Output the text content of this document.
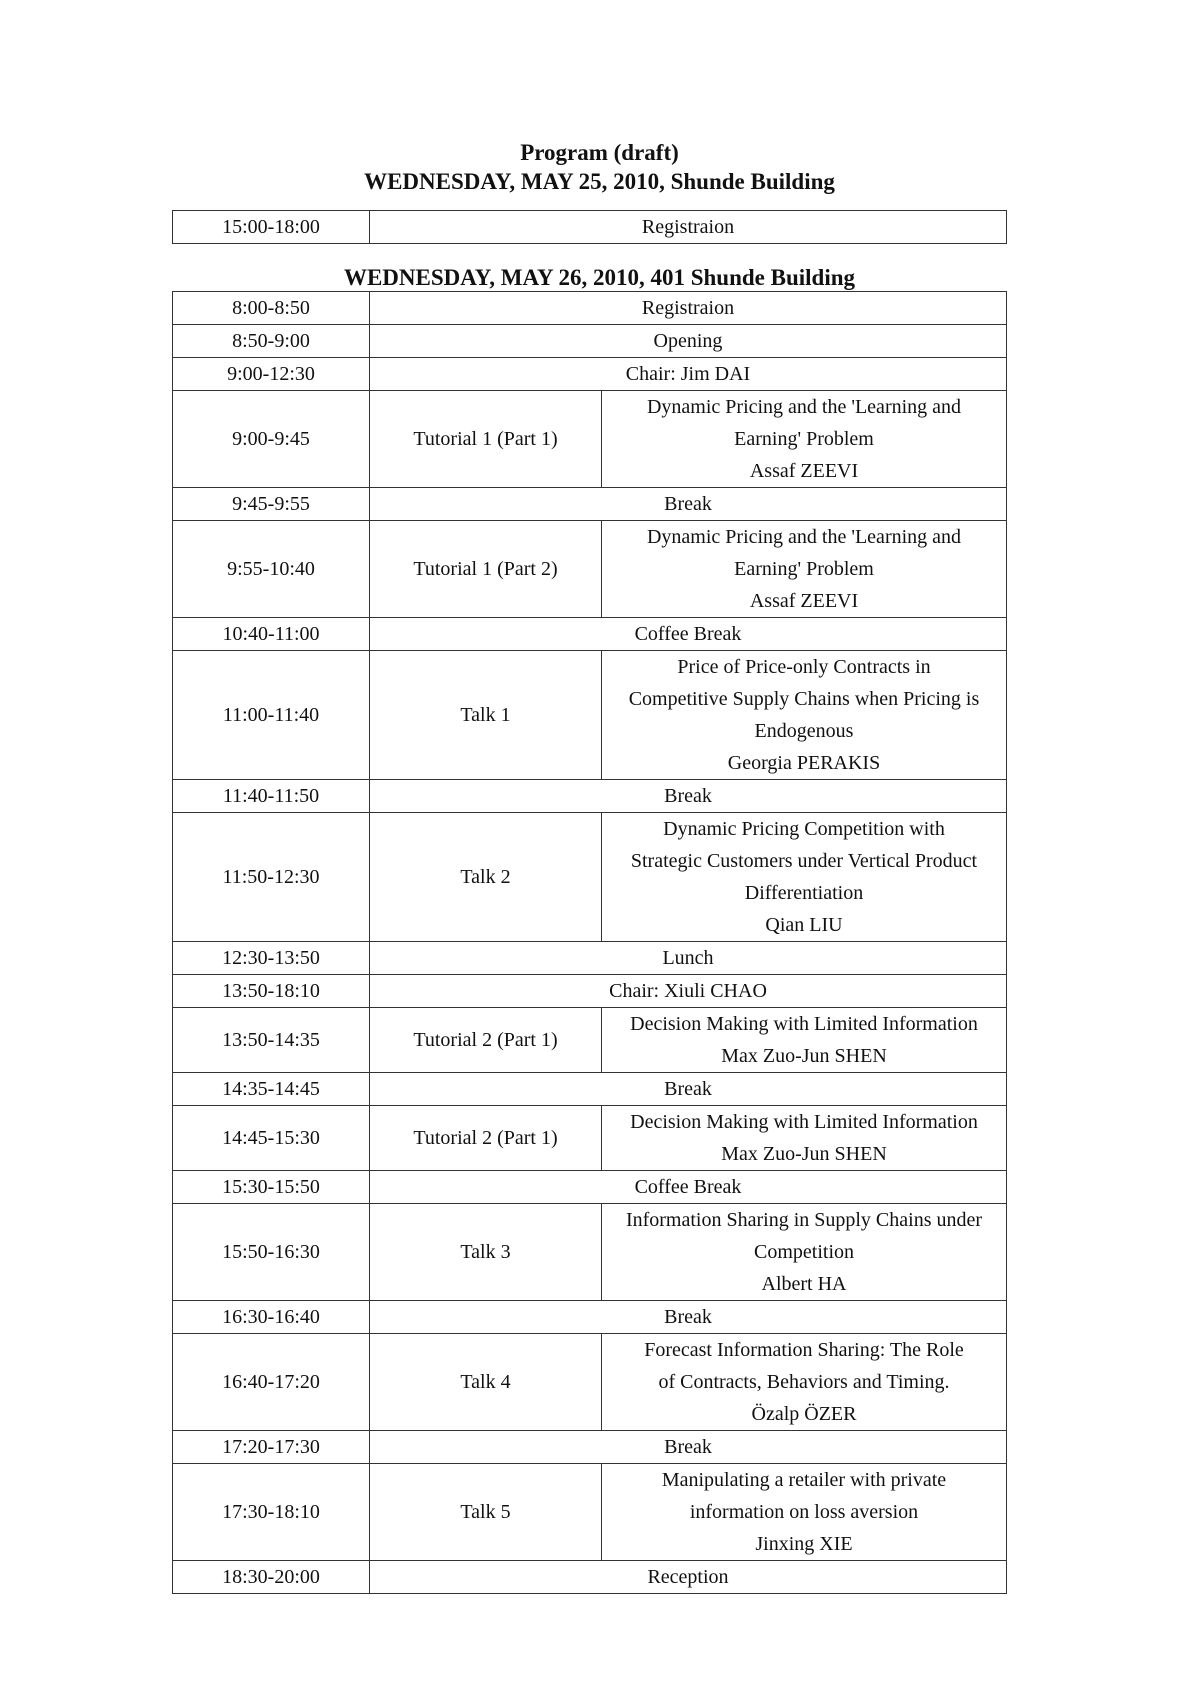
Program (draft)
WEDNESDAY, MAY 25, 2010, Shunde Building
15:00-18:00	Registraion
WEDNESDAY, MAY 26, 2010, 401 Shunde Building
8:00-8:50	Registraion	
8:50-9:00	Opening	
9:00-12:30	Chair: Jim DAI	
9:00-9:45	Tutorial 1 (Part 1)	Dynamic Pricing and the 'Learning and
Earning' Problem
Assaf ZEEVI

9:45-9:55	Break	
9:55-10:40	Tutorial 1 (Part 2)	Dynamic Pricing and the 'Learning and
Earning' Problem
Assaf ZEEVI

10:40-11:00	Coffee Break	
11:00-11:40	Talk 1	Price of Price-only Contracts in
Competitive Supply Chains when Pricing is
Endogenous
Georgia PERAKIS

11:40-11:50	Break	
11:50-12:30	Talk 2	Dynamic Pricing Competition with
Strategic Customers under Vertical Product
Differentiation
Qian LIU

12:30-13:50	Lunch	
13:50-18:10	Chair: Xiuli CHAO	
13:50-14:35	Tutorial 2 (Part 1)	Decision Making with Limited Information
Max Zuo-Jun SHEN

14:35-14:45	Break	
14:45-15:30	Tutorial 2 (Part 1)	Decision Making with Limited Information
Max Zuo-Jun SHEN

15:30-15:50	Coffee Break	
15:50-16:30	Talk 3	Information Sharing in Supply Chains under
Competition
Albert HA

16:30-16:40	Break	
16:40-17:20	Talk 4	Forecast Information Sharing: The Role
of Contracts, Behaviors and Timing.
Özalp ÖZER

17:20-17:30	Break	
17:30-18:10	Talk 5	Manipulating a retailer with private
information on loss aversion
Jinxing XIE

18:30-20:00	Reception	
